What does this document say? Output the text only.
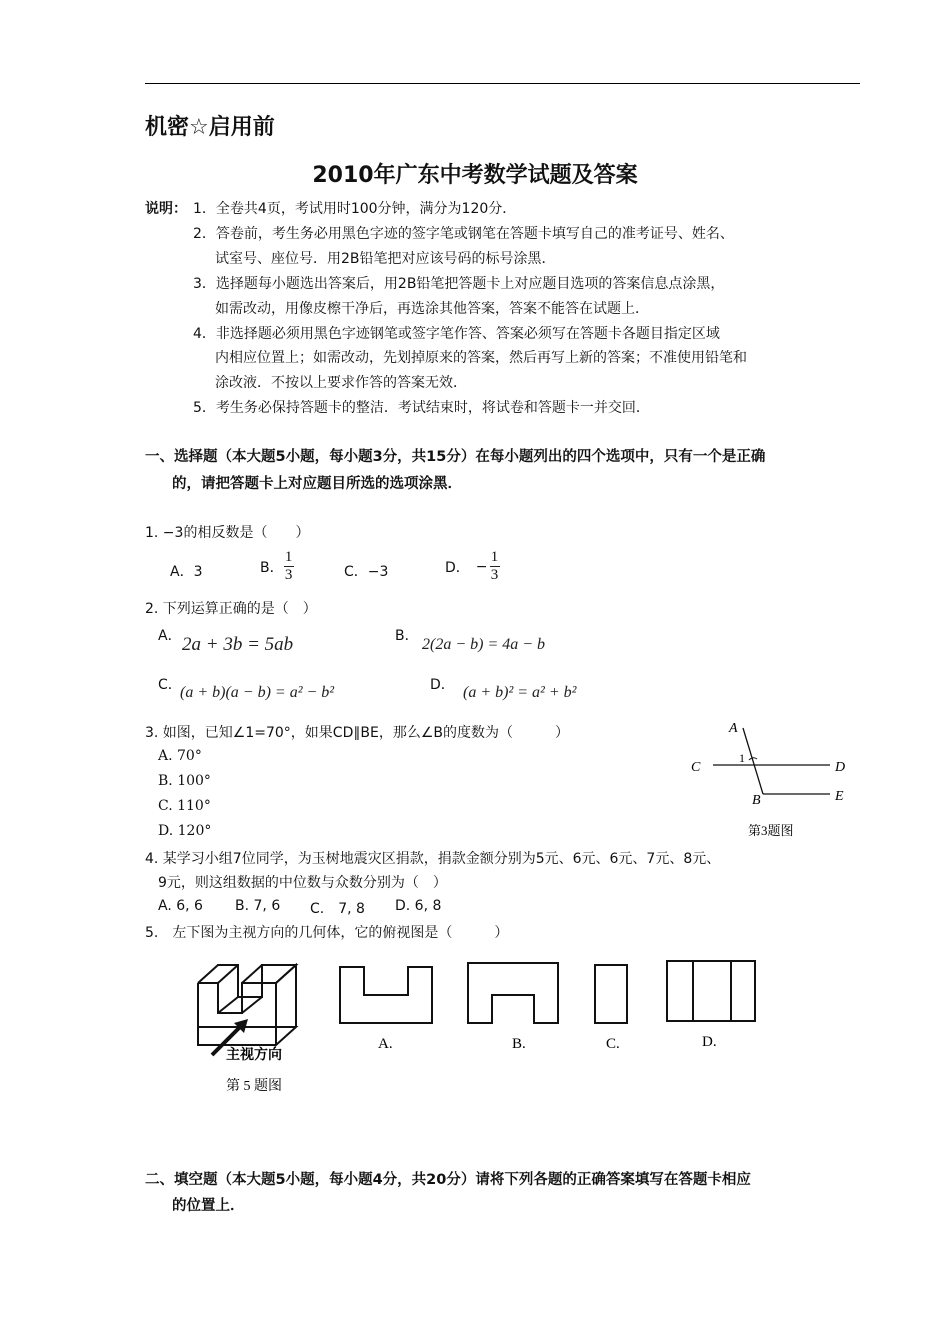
机密☆启用前
2010年广东中考数学试题及答案
说明： 1．全卷共4页，考试用时100分钟，满分为120分．
2．答卷前，考生务必用黑色字迹的签字笔或钢笔在答题卡填写自己的准考证号、姓名、
试室号、座位号．用2B铅笔把对应该号码的标号涂黑．
3．选择题每小题选出答案后，用2B铅笔把答题卡上对应题目选项的答案信息点涂黑，
如需改动，用像皮檫干净后，再选涂其他答案，答案不能答在试题上．
4．非选择题必须用黑色字迹钢笔或签字笔作答、答案必须写在答题卡各题目指定区域
内相应位置上；如需改动，先划掉原来的答案，然后再写上新的答案；不准使用铅笔和
涂改液．不按以上要求作答的答案无效．
5．考生务必保持答题卡的整洁．考试结束时，将试卷和答题卡一并交回．
一、选择题（本大题5小题，每小题3分，共15分）在每小题列出的四个选项中，只有一个是正确
的，请把答题卡上对应题目所选的选项涂黑．
1. −3的相反数是（　　）
A．3	B． $\frac{1}{3}$	C．−3	D． − $\frac{1}{3}$
2. 下列运算正确的是（　）
A． 2a + 3b = 5ab	B． 2(2a − b) = 4a − b
C．
(a + b)(a − b) = a² − b²	D． (a + b)² = a² + b²
3. 如图，已知∠1=70°，如果CD∥BE，那么∠B的度数为（　　　）
A. 70°
B. 100°
C. 110°
D. 120°
A
1
C	D
B	E
第3题图
4. 某学习小组7位同学，为玉树地震灾区捐款，捐款金额分别为5元、6元、6元、7元、8元、
9元，则这组数据的中位数与众数分别为（　）
A. 6, 6 B. 7, 6 C.　7, 8 D. 6, 8
5.　左下图为主视方向的几何体，它的俯视图是（　　　）
主视方向
第 5 题图
A.	B.	C.	D.
二、填空题（本大题5小题，每小题4分，共20分）请将下列各题的正确答案填写在答题卡相应
的位置上．
